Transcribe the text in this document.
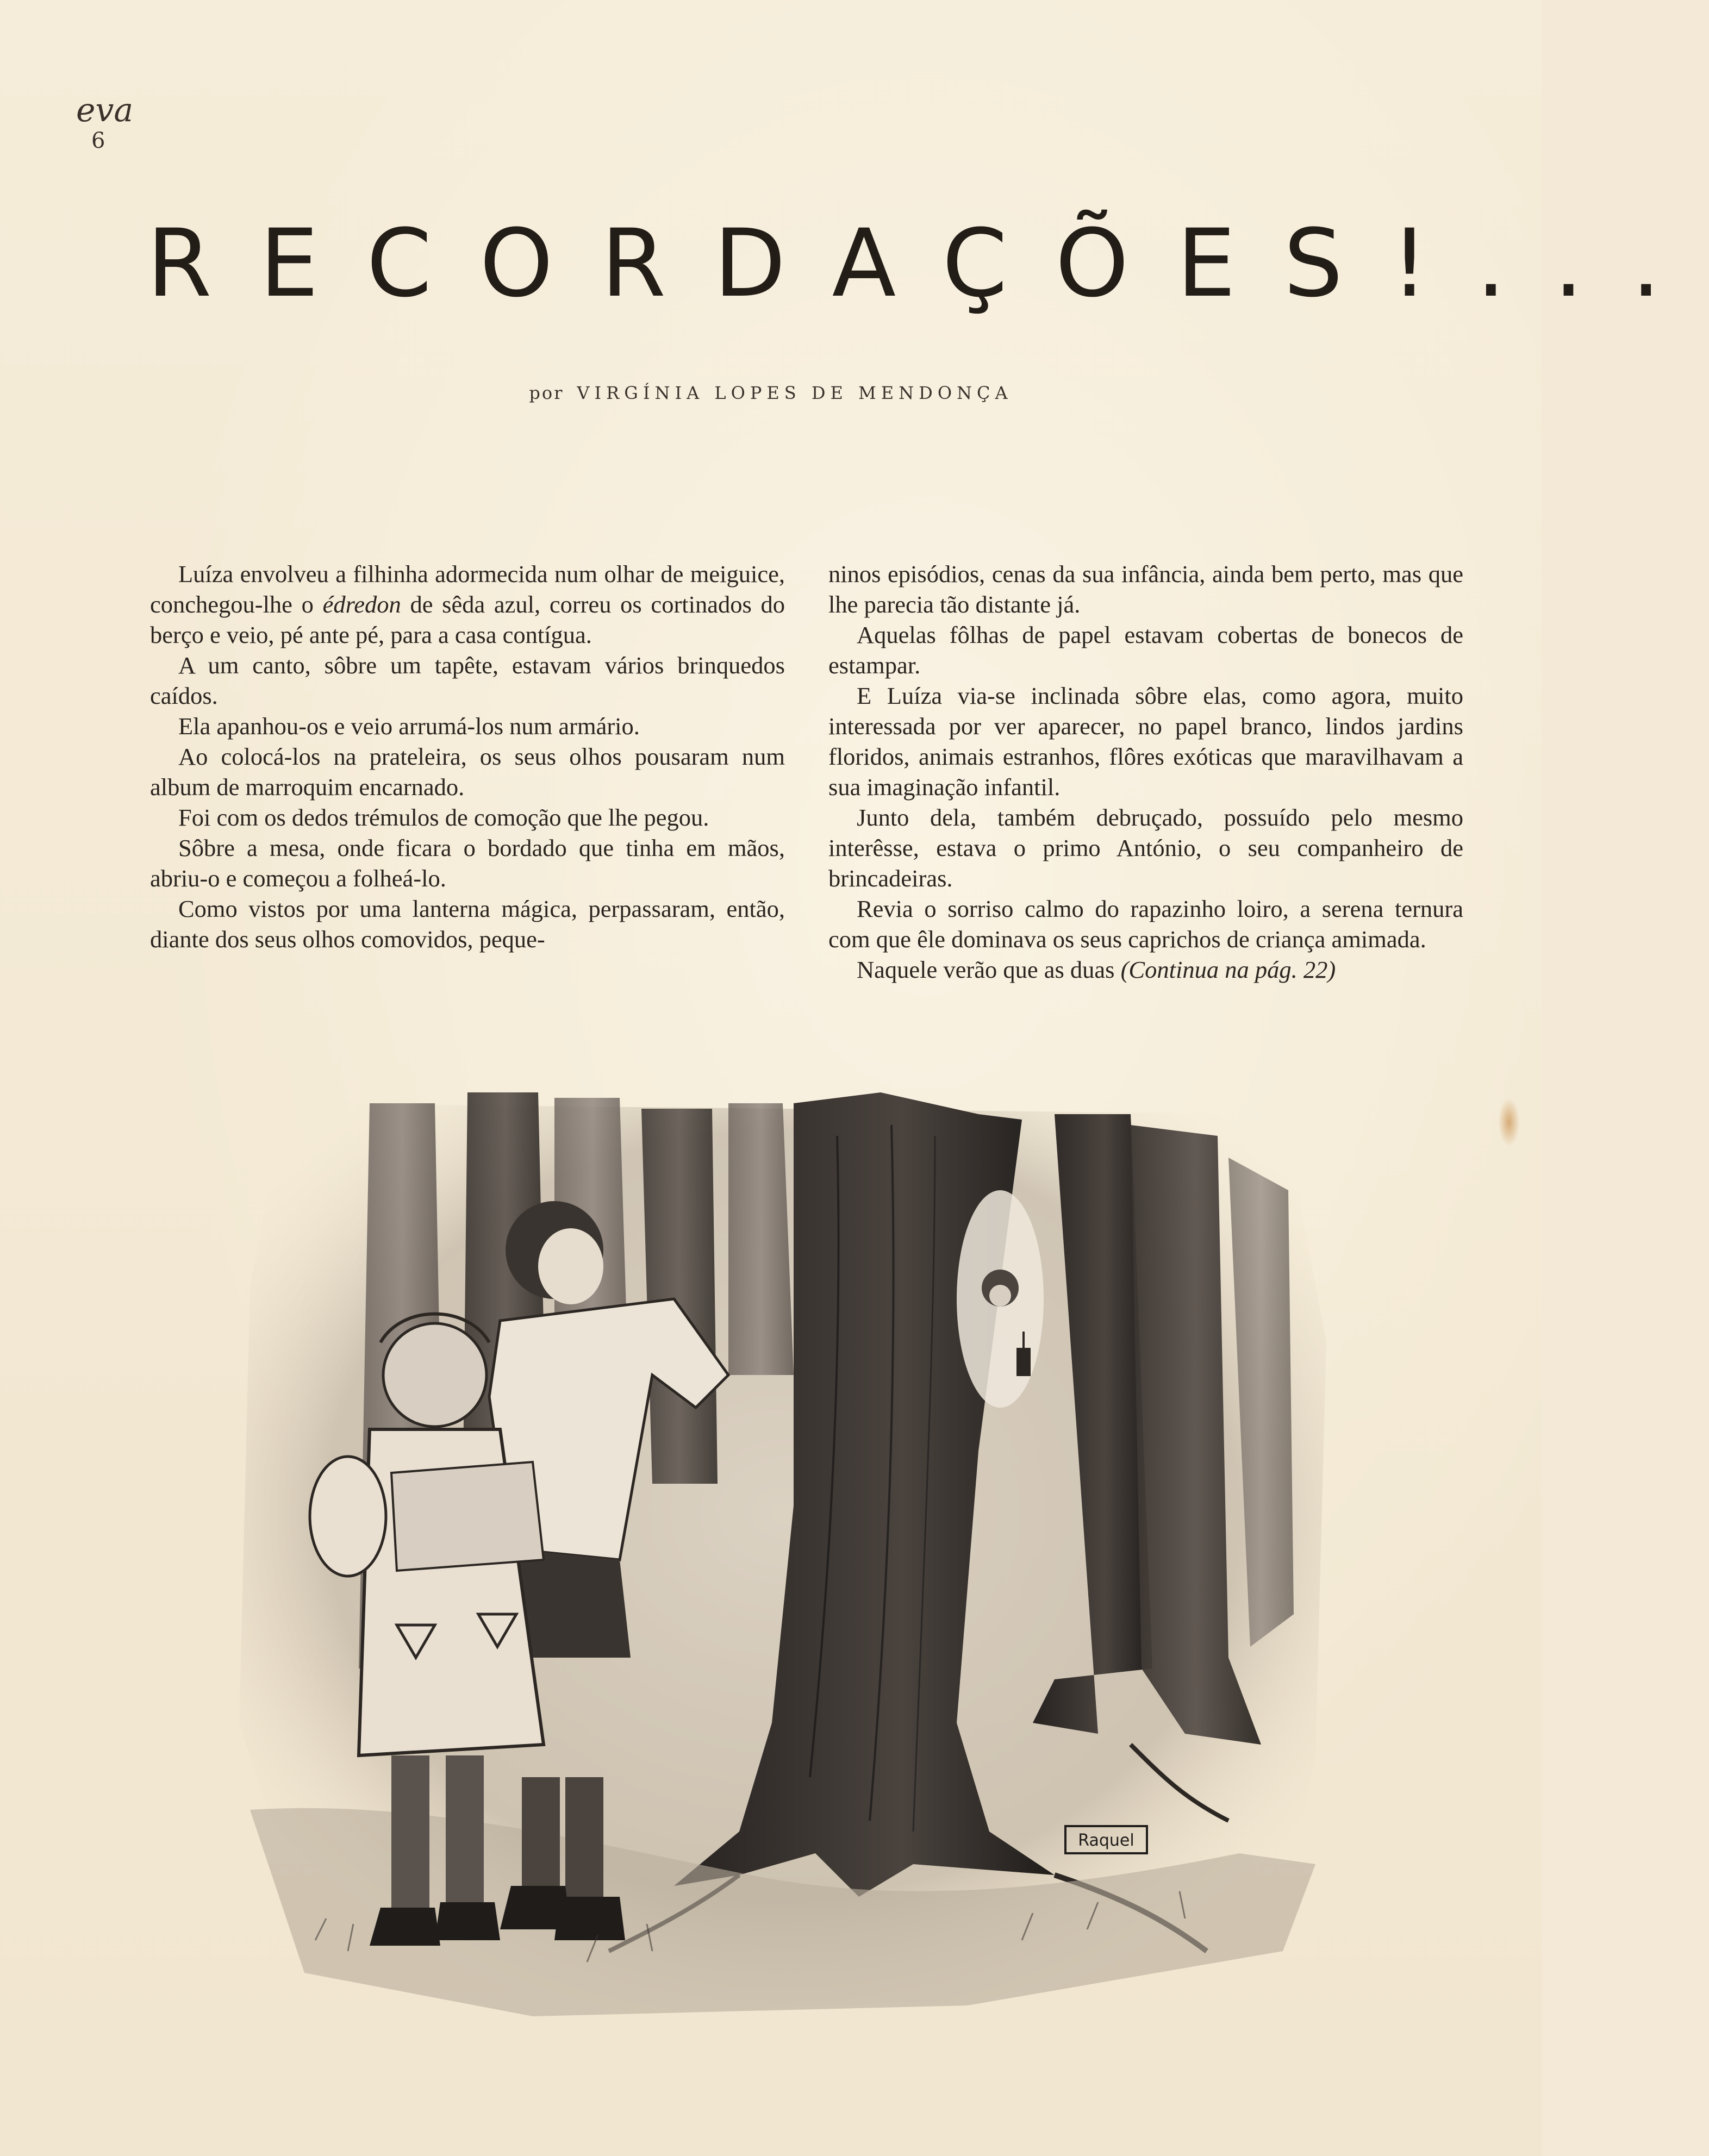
eva
6
RECORDAÇÕES!...
por VIRGÍNIA LOPES DE MENDONÇA

Luíza envolveu a filhinha adormecida num olhar de meiguice, conchegou-lhe o édredon de sêda azul, correu os cortinados do berço e veio, pé ante pé, para a casa contígua.

A um canto, sôbre um tapête, estavam vários brinquedos caídos.

Ela apanhou-os e veio arrumá-los num armário.

Ao colocá-los na prateleira, os seus olhos pousaram num album de marroquim encarnado.

Foi com os dedos trémulos de comoção que lhe pegou.

Sôbre a mesa, onde ficara o bordado que tinha em mãos, abriu-o e começou a folheá-lo.

Como vistos por uma lanterna mágica, perpassaram, então, diante dos seus olhos comovidos, peque-

ninos episódios, cenas da sua infância, ainda bem perto, mas que lhe parecia tão distante já.

Aquelas fôlhas de papel estavam cobertas de bonecos de estampar.

E Luíza via-se inclinada sôbre elas, como agora, muito interessada por ver aparecer, no papel branco, lindos jardins floridos, animais estranhos, flôres exóticas que maravilhavam a sua imaginação infantil.

Junto dela, também debruçado, possuído pelo mesmo interêsse, estava o primo António, o seu companheiro de brincadeiras.

Revia o sorriso calmo do rapazinho loiro, a serena ternura com que êle dominava os seus caprichos de criança amimada.

Naquele verão que as duas (Continua na pág. 22)

Raquel
